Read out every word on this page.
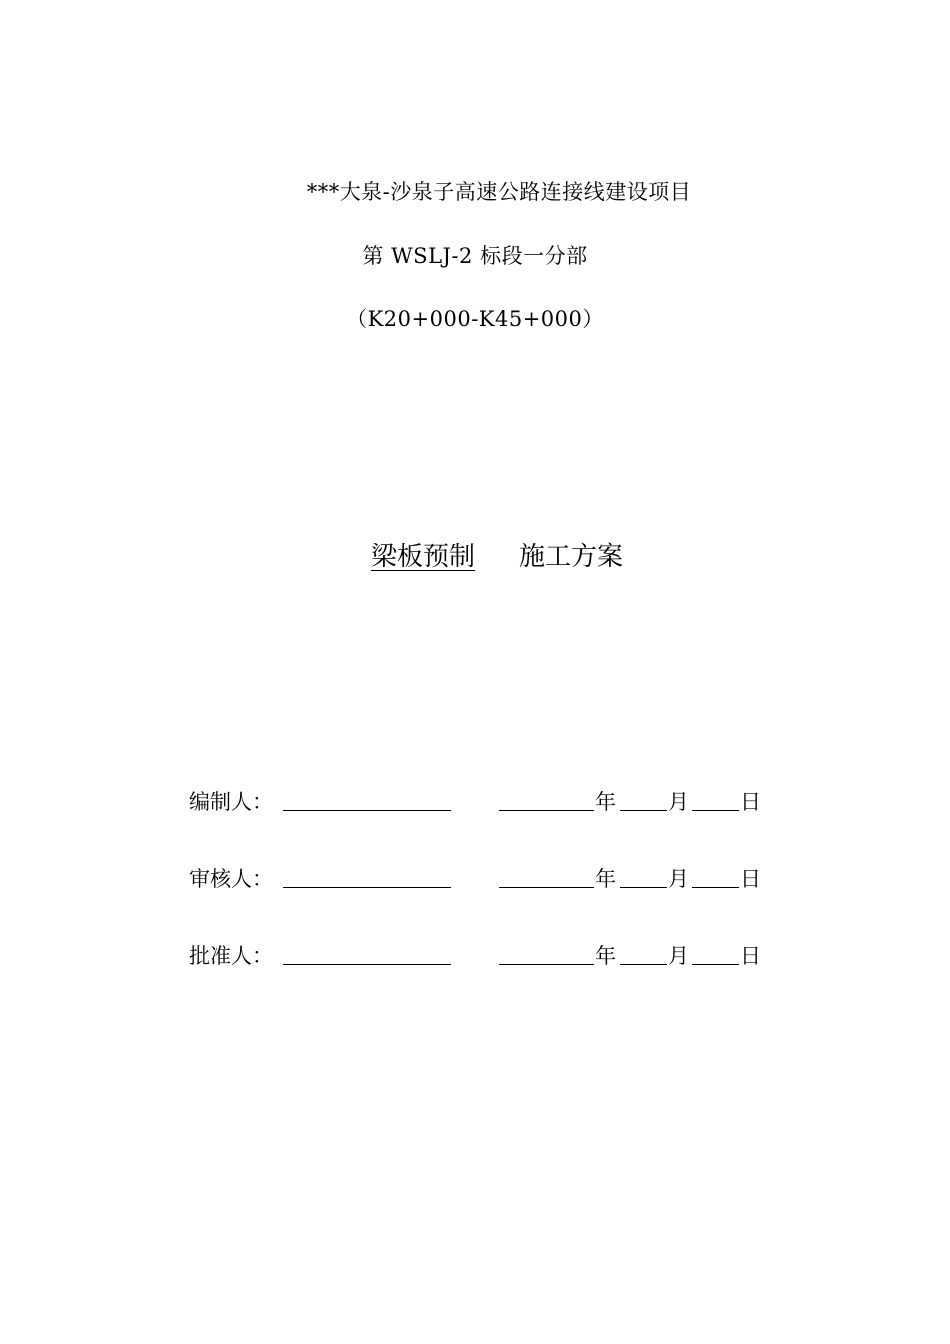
***大泉-沙泉子高速公路连接线建设项目
第 WSLJ-2 标段一分部
（K20+000-K45+000）
梁板预制 施工方案
编制人：	年 月 日
审核人：	年 月 日
批准人：	年 月 日
